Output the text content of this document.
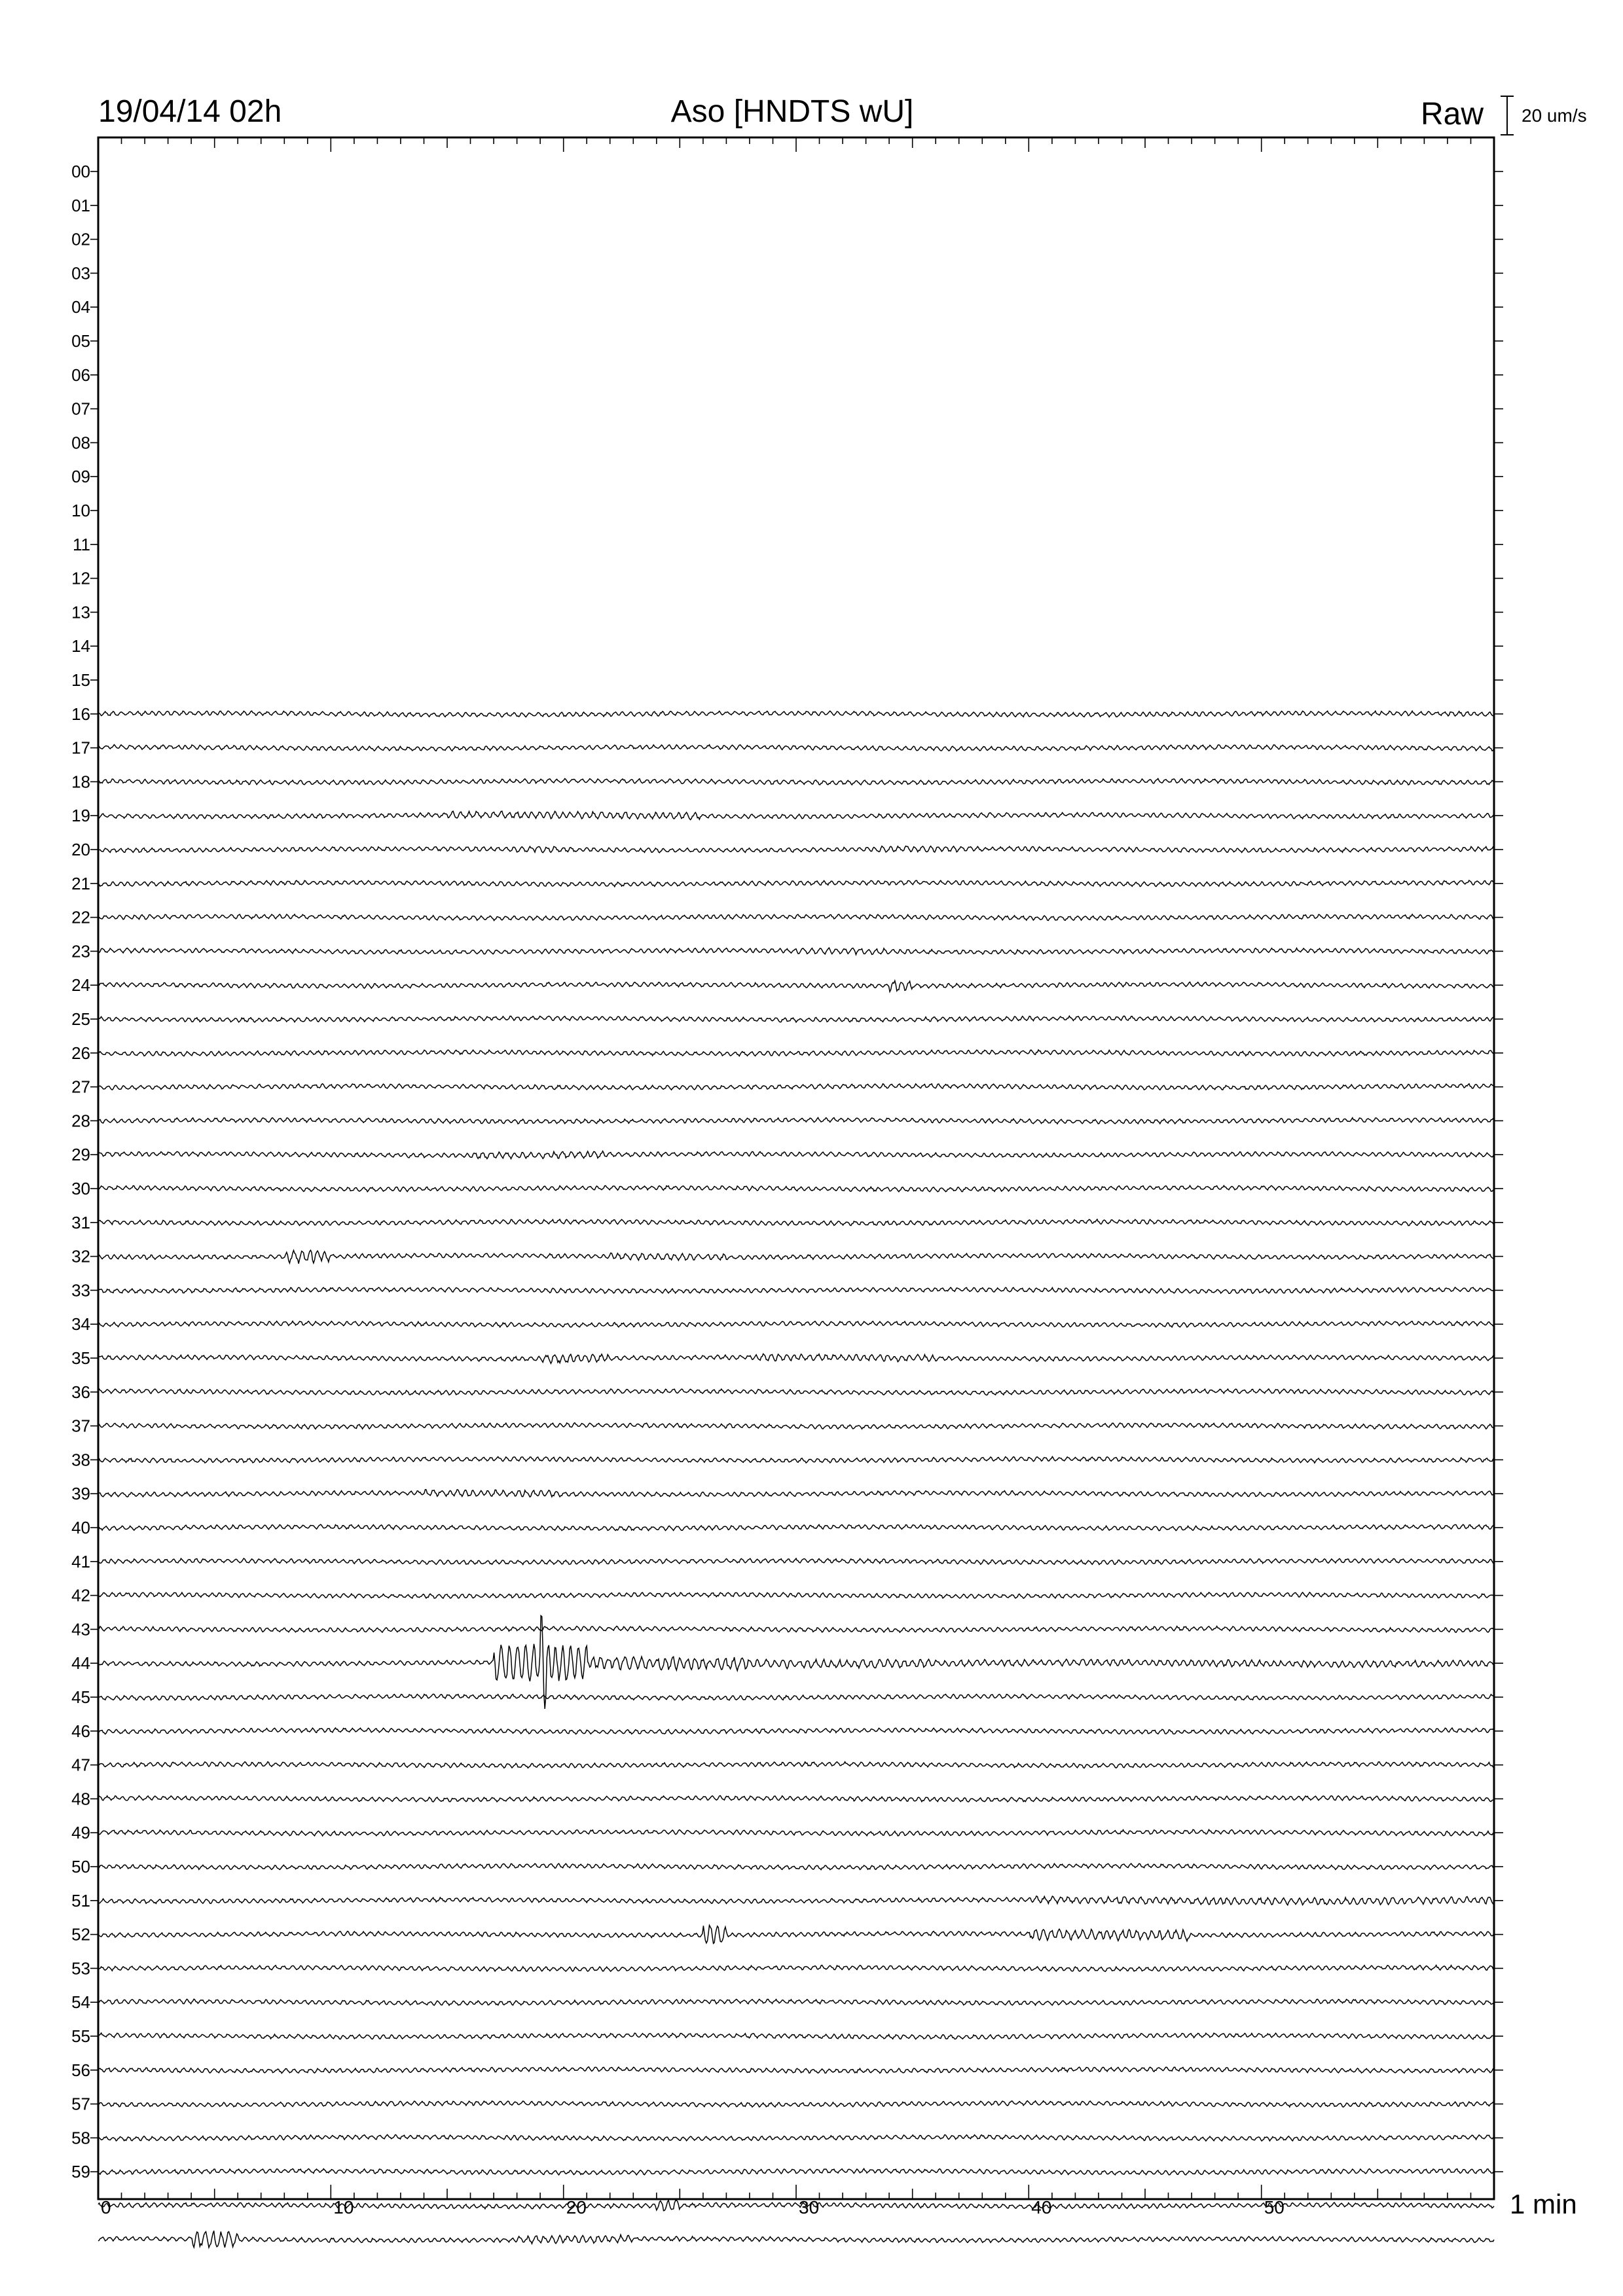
19/04/14 02h	Aso [HNDTS wU]	Raw 20 um/s
00
01
02
03
04
05
06
07
08
09
10
11
12
13
14
15
16
17
18
19
20
21
22
23
24
25
26
27
28
29
30
31
32
33
34
35
36
37
38
39
40
41
42
43
44
45
46
47
48
49
50
51
52
53
54
55
56
57
58
59
0	10	20	30	40	50	1 min
